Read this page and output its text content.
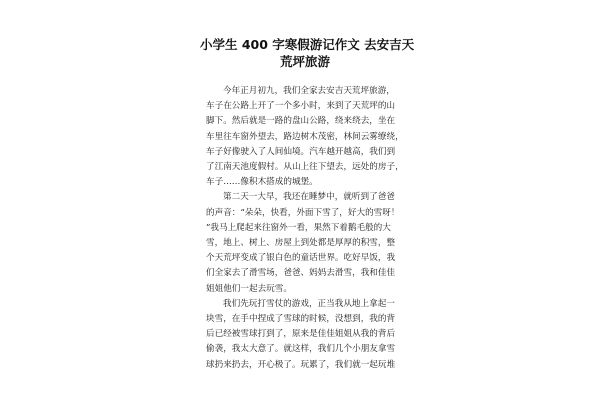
小学生 400 字寒假游记作文 去安吉天
荒坪旅游

今年正月初九，我们全家去安吉天荒坪旅游，
车子在公路上开了一个多小时，来到了天荒坪的山
脚下。然后就是一路的盘山公路，绕来绕去，坐在
车里往车窗外望去，路边树木茂密，林间云雾缭绕，
车子好像驶入了人间仙境。汽车越开越高，我们到
了江南天池度假村。从山上往下望去，远处的房子，
车子……像积木搭成的城堡。

第二天一大早，我还在睡梦中，就听到了爸爸
的声音：“朵朵，快看，外面下雪了，好大的雪呀！
”我马上爬起来往窗外一看，果然下着鹅毛般的大
雪，地上、树上、房屋上到处都是厚厚的积雪，整
个天荒坪变成了银白色的童话世界。吃好早饭，我
们全家去了滑雪场，爸爸、妈妈去滑雪，我和佳佳
姐姐他们一起去玩雪。

我们先玩打雪仗的游戏，正当我从地上拿起一
块雪，在手中捏成了雪球的时候，没想到，我的背
后已经被雪球打到了，原来是佳佳姐姐从我的背后
偷袭，我太大意了。就这样，我们几个小朋友拿雪
球扔来扔去，开心极了。玩累了，我们就一起玩堆
